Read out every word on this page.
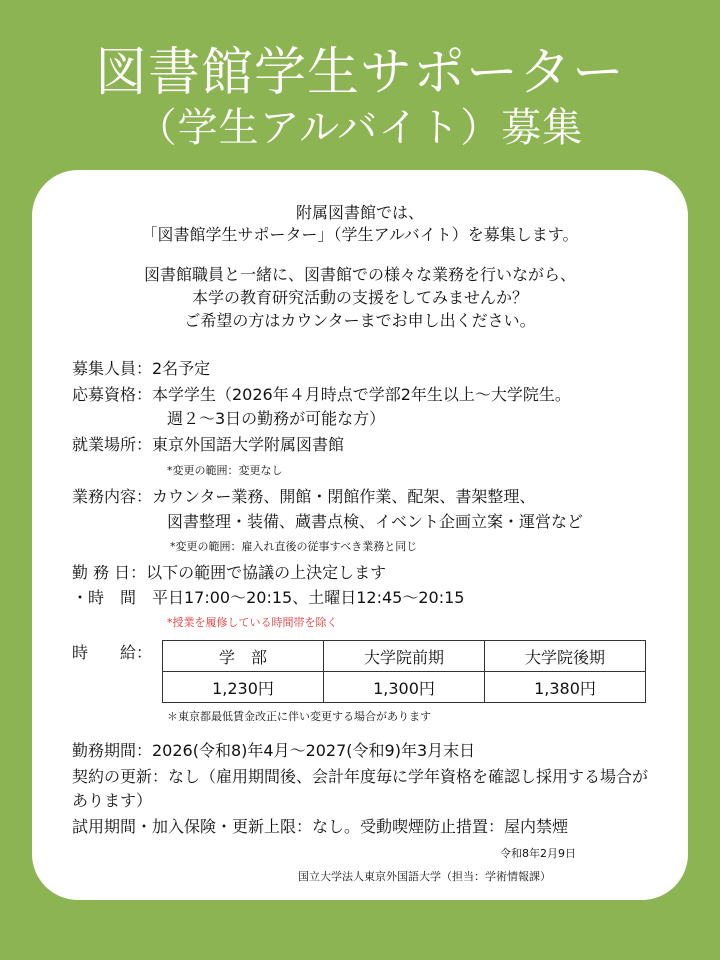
図書館学生サポーター
（学生アルバイト）募集
附属図書館では、
「図書館学生サポーター」（学生アルバイト）を募集します。
図書館職員と一緒に、図書館での様々な業務を行いながら、
本学の教育研究活動の支援をしてみませんか？
ご希望の方はカウンターまでお申し出ください。
募集人員：2名予定
応募資格：本学学生（2026年４月時点で学部2年生以上～大学院生。
週２～3日の勤務が可能な方）
就業場所：東京外国語大学附属図書館
*変更の範囲：変更なし
業務内容：カウンター業務、開館・閉館作業、配架、書架整理、
図書整理・装備、蔵書点検、イベント企画立案・運営など
*変更の範囲：雇入れ直後の従事すべき業務と同じ
勤 務 日：以下の範囲で協議の上決定します
・時　間　平日17:00～20:15、土曜日12:45～20:15
*授業を履修している時間帯を除く
時　　給：	学　部	大学院前期	大学院後期
1,230円	1,300円	1,380円
＊東京都最低賃金改正に伴い変更する場合があります
勤務期間：2026(令和8)年4月～2027(令和9)年3月末日
契約の更新：なし（雇用期間後、会計年度毎に学年資格を確認し採用する場合が
あります）
試用期間・加入保険・更新上限：なし。受動喫煙防止措置：屋内禁煙
令和8年2月9日
国立大学法人東京外国語大学（担当：学術情報課）
